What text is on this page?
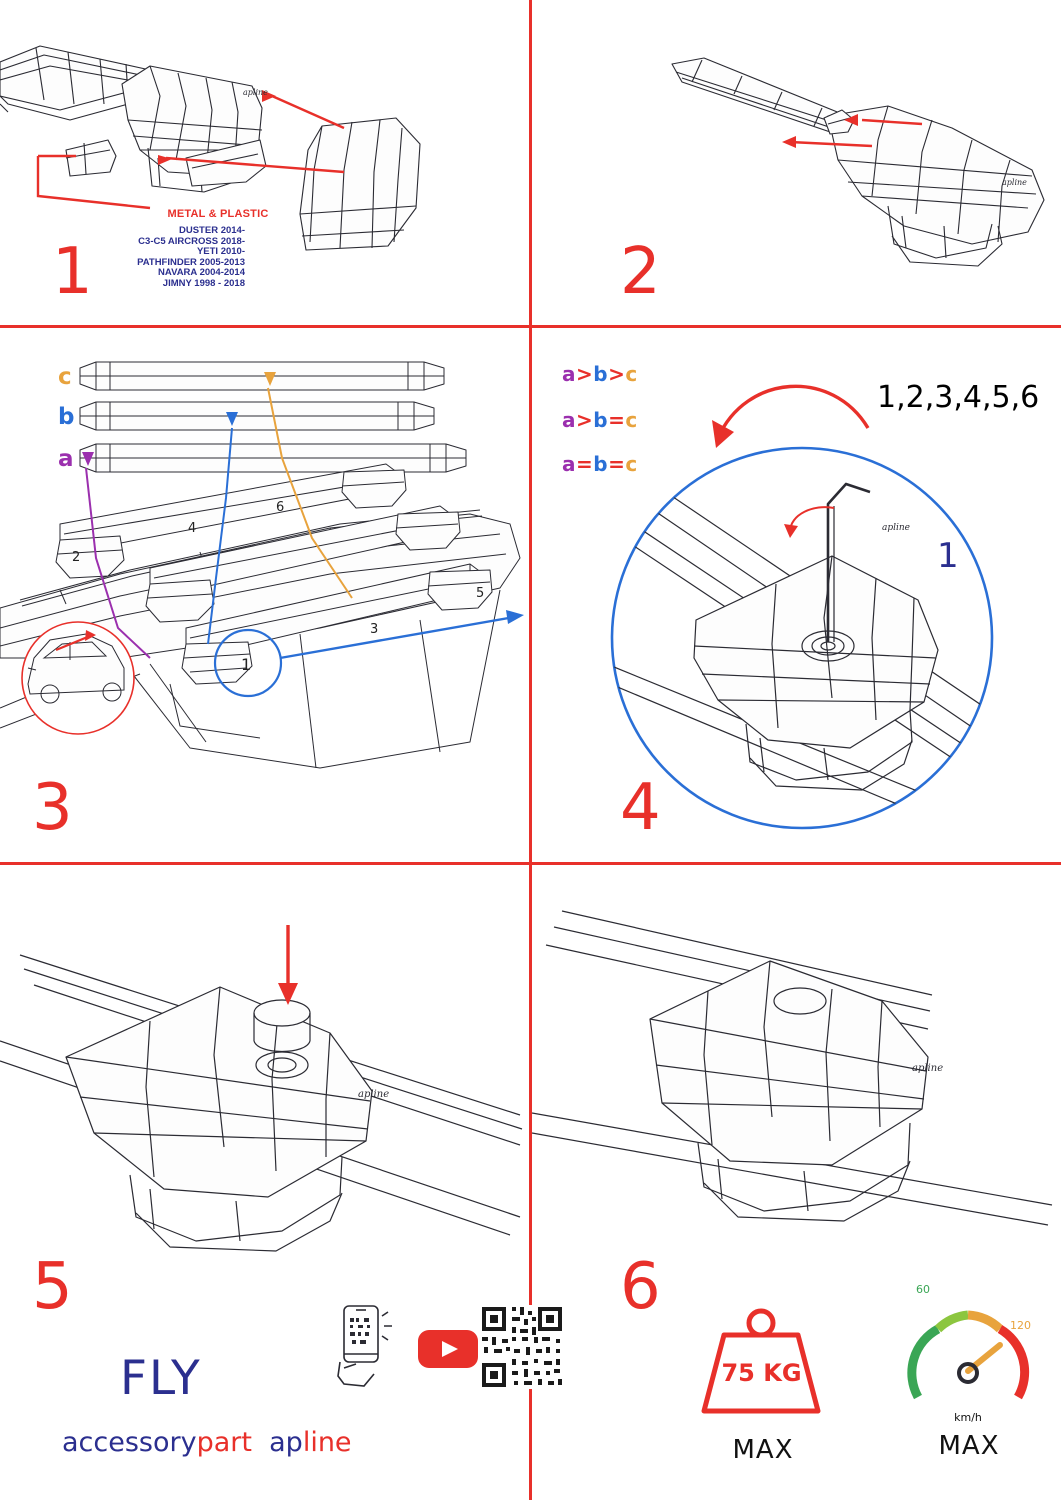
apline
METAL & PLASTIC
DUSTER 2014-
C3-C5 AIRCROSS 2018-
YETI 2010-
PATHFINDER 2005-2013
NAVARA 2004-2014
JIMNY 1998 - 2018
1
apline
2
c
b
a
2
4
6
3
5
1
3
a>b>c
a>b=c
a=b=c
apline
1,2,3,4,5,6
1
4
apline
5
FLY
accessorypart apline
apline
6
75 KG
MAX
60
120
km/h
MAX
